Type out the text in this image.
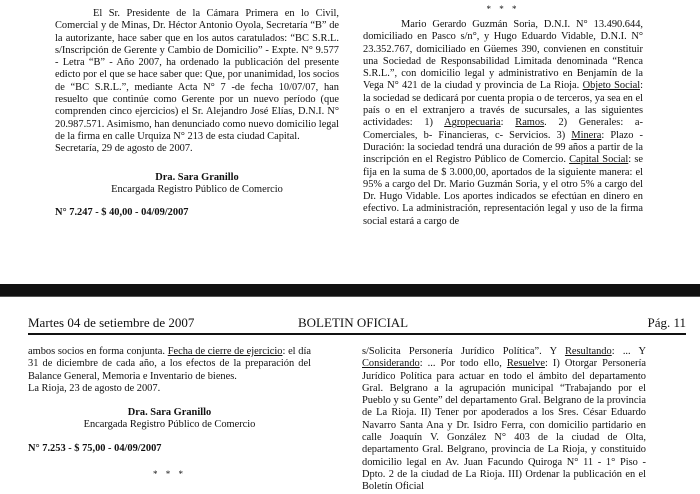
El Sr. Presidente de la Cámara Primera en lo Civil, Comercial y de Minas, Dr. Héctor Antonio Oyola, Secretaría “B” de la autorizante, hace saber que en los autos caratulados: “BC S.R.L. s/Inscripción de Gerente y Cambio de Domicilio” - Expte. N° 9.577 - Letra “B” - Año 2007, ha ordenado la publicación del presente edicto por el que se hace saber que: Que, por unanimidad, los socios de “BC S.R.L.”, mediante Acta N° 7 -de fecha 10/07/07, han resuelto que continúe como Gerente por un nuevo período (que comprenden cinco ejercicios) el Sr. Alejandro José Elías, D.N.I. N° 20.987.571. Asimismo, han denunciado como nuevo domicilio legal de la firma en calle Urquiza N° 213 de esta ciudad Capital.

Secretaría, 29 de agosto de 2007.

Dra. Sara Granillo

Encargada Registro Público de Comercio

N° 7.247 - $ 40,00 - 04/09/2007

* * *

Mario Gerardo Guzmán Soria, D.N.I. N° 13.490.644, domiciliado en Pasco s/n°, y Hugo Eduardo Vidable, D.N.I. N° 23.352.767, domiciliado en Güemes 390, convienen en constituir una Sociedad de Responsabilidad Limitada denominada “Renca S.R.L.”, con domicilio legal y administrativo en Benjamín de la Vega N° 421 de la ciudad y provincia de La Rioja. Objeto Social: la sociedad se dedicará por cuenta propia o de terceros, ya sea en el país o en el extranjero a través de sucursales, a las siguientes actividades: 1) Agropecuaria: Ramos. 2) Generales: a- Comerciales, b- Financieras, c- Servicios. 3) Minera: Plazo - Duración: la sociedad tendrá una duración de 99 años a partir de la inscripción en el Registro Público de Comercio. Capital Social: se fija en la suma de $ 3.000,00, aportados de la siguiente manera: el 95% a cargo del Dr. Mario Guzmán Soria, y el otro 5% a cargo del Dr. Hugo Vidable. Los aportes indicados se efectúan en dinero en efectivo. La administración, representación legal y uso de la firma social estará a cargo de

Martes 04 de setiembre de 2007	BOLETIN OFICIAL	Pág. 11

ambos socios en forma conjunta. Fecha de cierre de ejercicio: el día 31 de diciembre de cada año, a los efectos de la preparación del Balance General, Memoria e Inventario de bienes.

La Rioja, 23 de agosto de 2007.

Dra. Sara Granillo

Encargada Registro Público de Comercio

N° 7.253 - $ 75,00 - 04/09/2007

* * *

s/Solicita Personería Jurídico Política”. Y Resultando: ... Y Considerando: ... Por todo ello, Resuelve: I) Otorgar Personería Jurídico Política para actuar en todo el ámbito del departamento Gral. Belgrano a la agrupación municipal “Trabajando por el Pueblo y su Gente” del departamento Gral. Belgrano de la provincia de La Rioja. II) Tener por apoderados a los Sres. César Eduardo Navarro Santa Ana y Dr. Isidro Ferra, con domicilio partidario en calle Joaquín V. González N° 403 de la ciudad de Olta, departamento Gral. Belgrano, provincia de La Rioja, y constituido domicilio legal en Av. Juan Facundo Quiroga N° 11 - 1° Piso - Dpto. 2 de la ciudad de La Rioja. III) Ordenar la publicación en el Boletín Oficial
